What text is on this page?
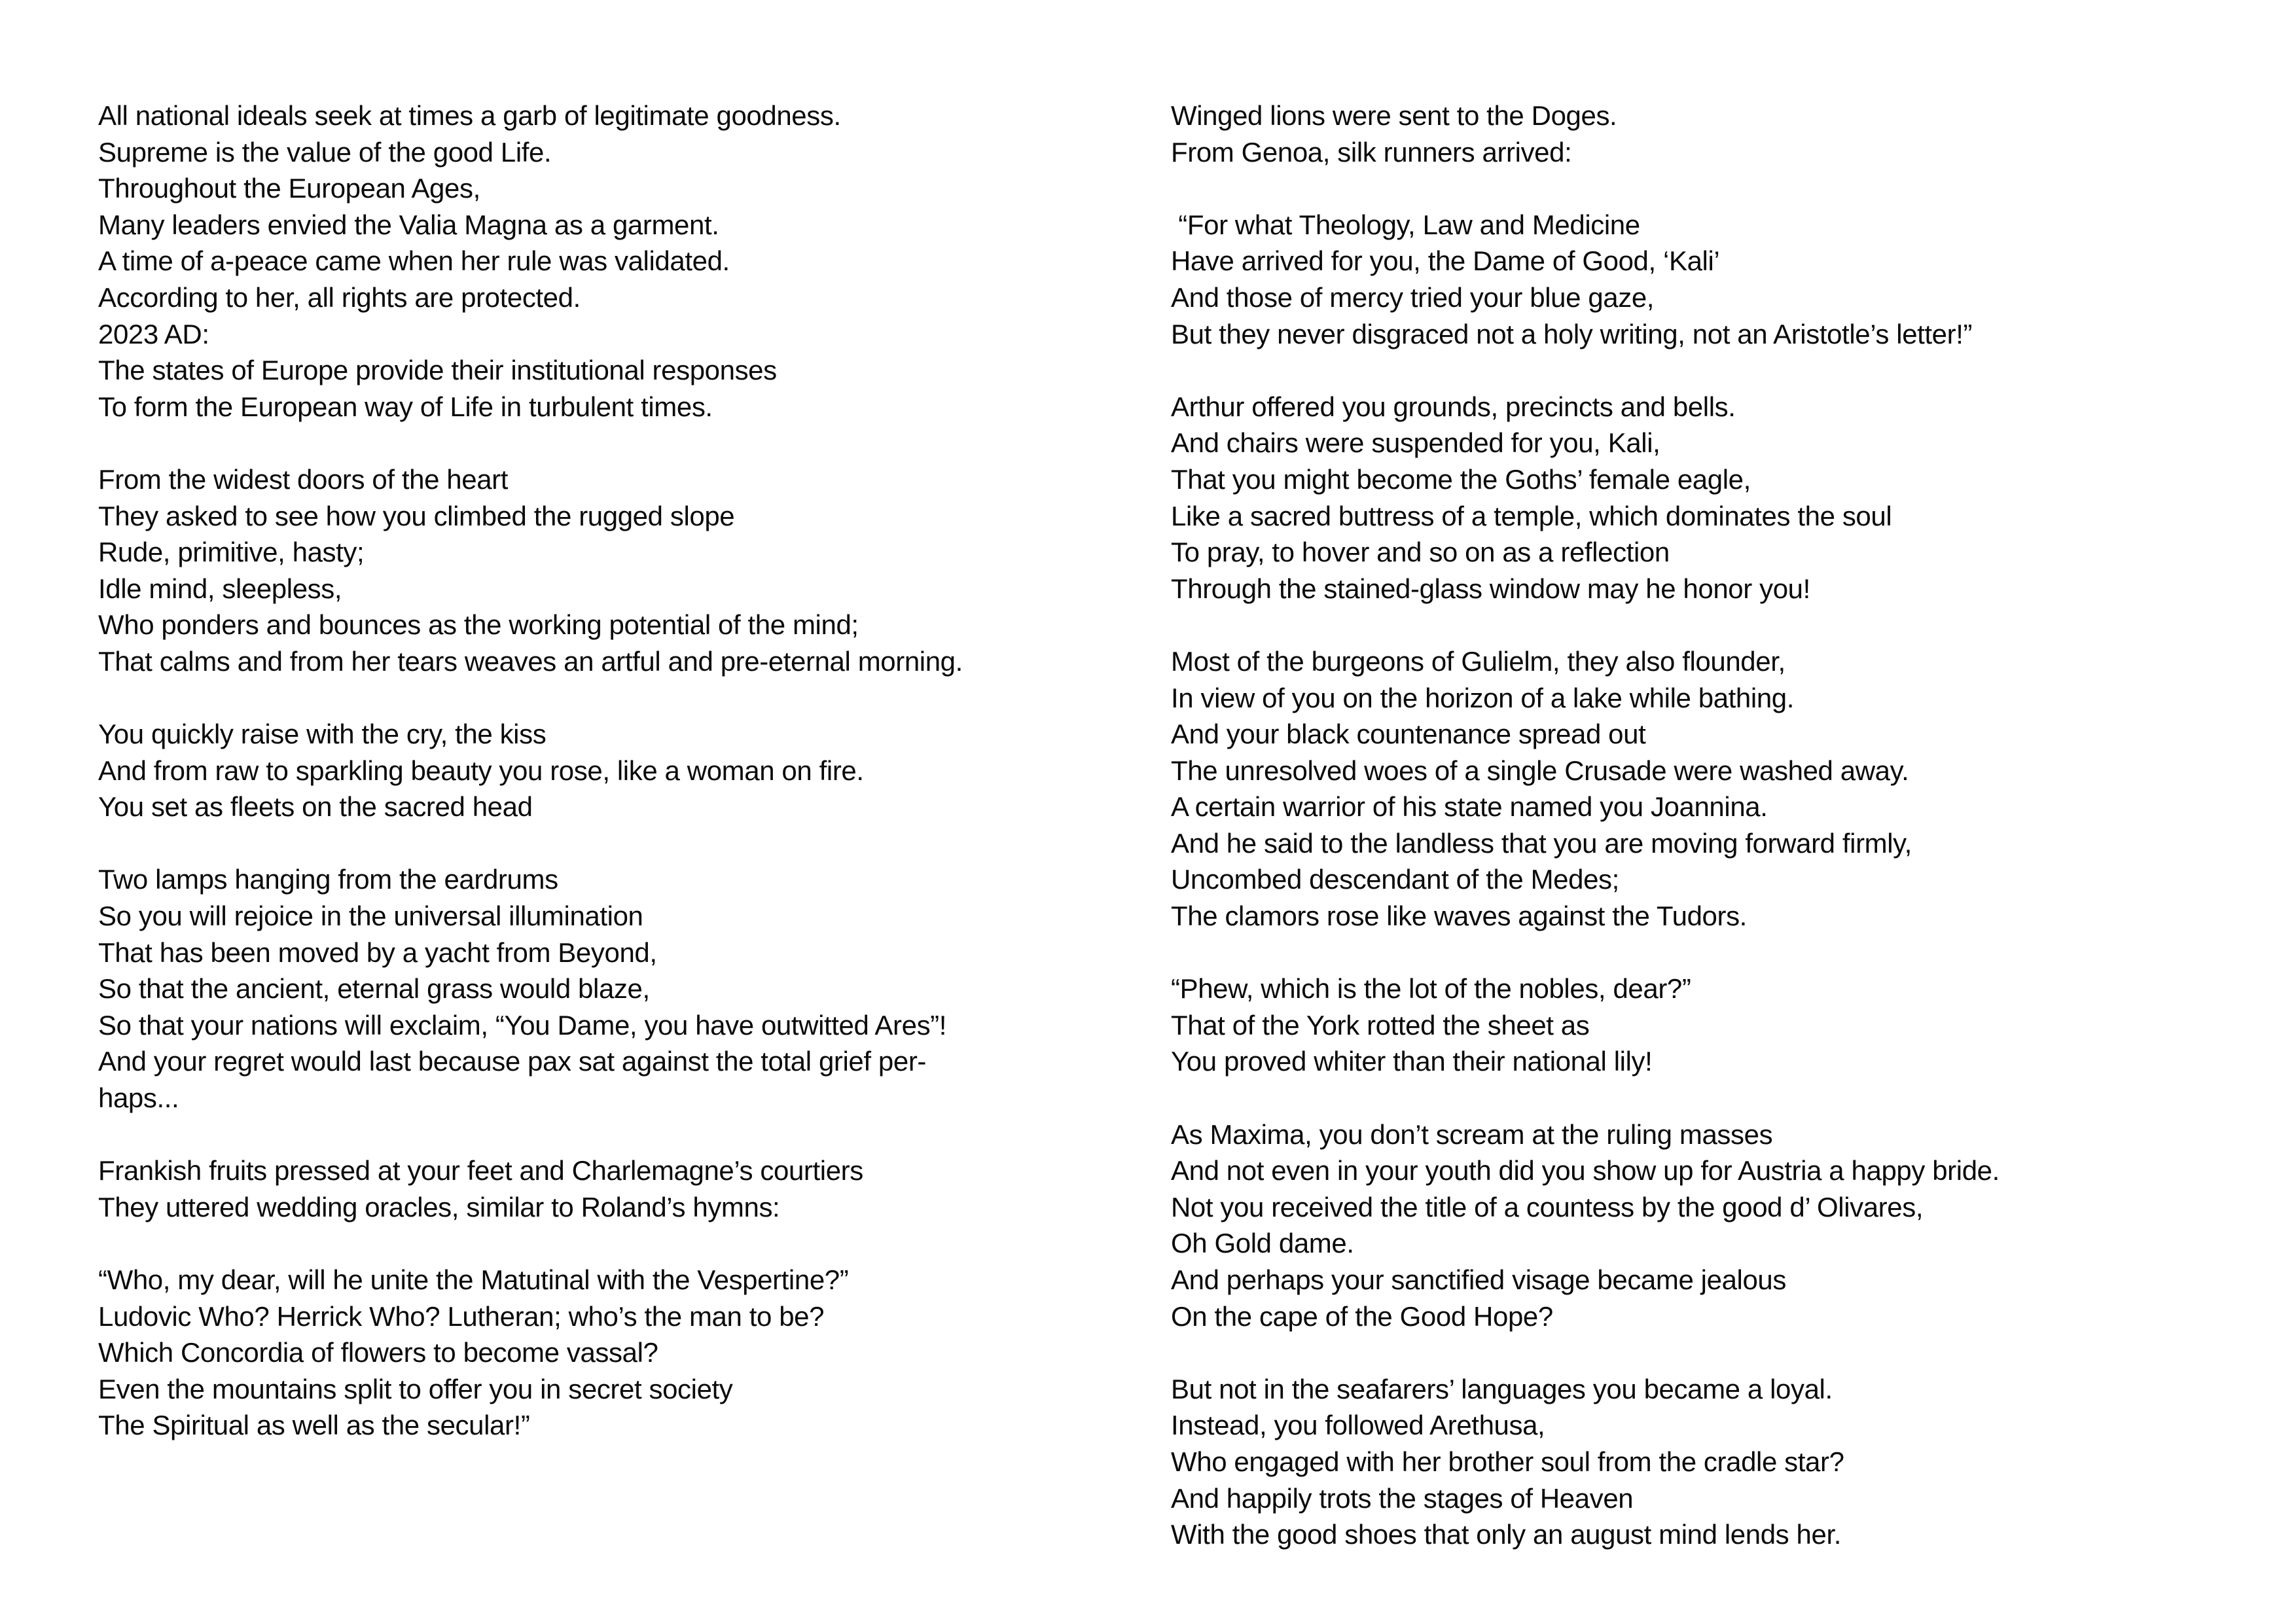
All national ideals seek at times a garb of legitimate goodness.
Supreme is the value of the good Life.
Throughout the European Ages,
Many leaders envied the Valia Magna as a garment.
A time of a-peace came when her rule was validated.
According to her, all rights are protected.
2023 AD:
The states of Europe provide their institutional responses
To form the European way of Life in turbulent times.
From the widest doors of the heart
They asked to see how you climbed the rugged slope
Rude, primitive, hasty;
Idle mind, sleepless,
Who ponders and bounces as the working potential of the mind;
That calms and from her tears weaves an artful and pre-eternal morning.
You quickly raise with the cry, the kiss
And from raw to sparkling beauty you rose, like a woman on fire.
You set as fleets on the sacred head
Two lamps hanging from the eardrums
So you will rejoice in the universal illumination
That has been moved by a yacht from Beyond,
So that the ancient, eternal grass would blaze,
So that your nations will exclaim, “You Dame, you have outwitted Ares”!
And your regret would last because pax sat against the total grief per-
haps...
Frankish fruits pressed at your feet and Charlemagne’s courtiers
They uttered wedding oracles, similar to Roland’s hymns:
“Who, my dear, will he unite the Matutinal with the Vespertine?”
Ludovic Who? Herrick Who? Lutheran; who’s the man to be?
Which Concordia of flowers to become vassal?
Even the mountains split to offer you in secret society
The Spiritual as well as the secular!”
Winged lions were sent to the Doges.
From Genoa, silk runners arrived:
“For what Theology, Law and Medicine
Have arrived for you, the Dame of Good, ‘Kali’
And those of mercy tried your blue gaze,
But they never disgraced not a holy writing, not an Aristotle’s letter!”
Arthur offered you grounds, precincts and bells.
And chairs were suspended for you, Kali,
That you might become the Goths’ female eagle,
Like a sacred buttress of a temple, which dominates the soul
To pray, to hover and so on as a reflection
Through the stained-glass window may he honor you!
Most of the burgeons of Gulielm, they also flounder,
In view of you on the horizon of a lake while bathing.
And your black countenance spread out
The unresolved woes of a single Crusade were washed away.
A certain warrior of his state named you Joannina.
And he said to the landless that you are moving forward firmly,
Uncombed descendant of the Medes;
The clamors rose like waves against the Tudors.
“Phew, which is the lot of the nobles, dear?”
That of the York rotted the sheet as
You proved whiter than their national lily!
As Maxima, you don’t scream at the ruling masses
And not even in your youth did you show up for Austria a happy bride.
Not you received the title of a countess by the good d’ Olivares,
Oh Gold dame.
And perhaps your sanctified visage became jealous
On the cape of the Good Hope?
But not in the seafarers’ languages you became a loyal.
Instead, you followed Arethusa,
Who engaged with her brother soul from the cradle star?
And happily trots the stages of Heaven
With the good shoes that only an august mind lends her.
